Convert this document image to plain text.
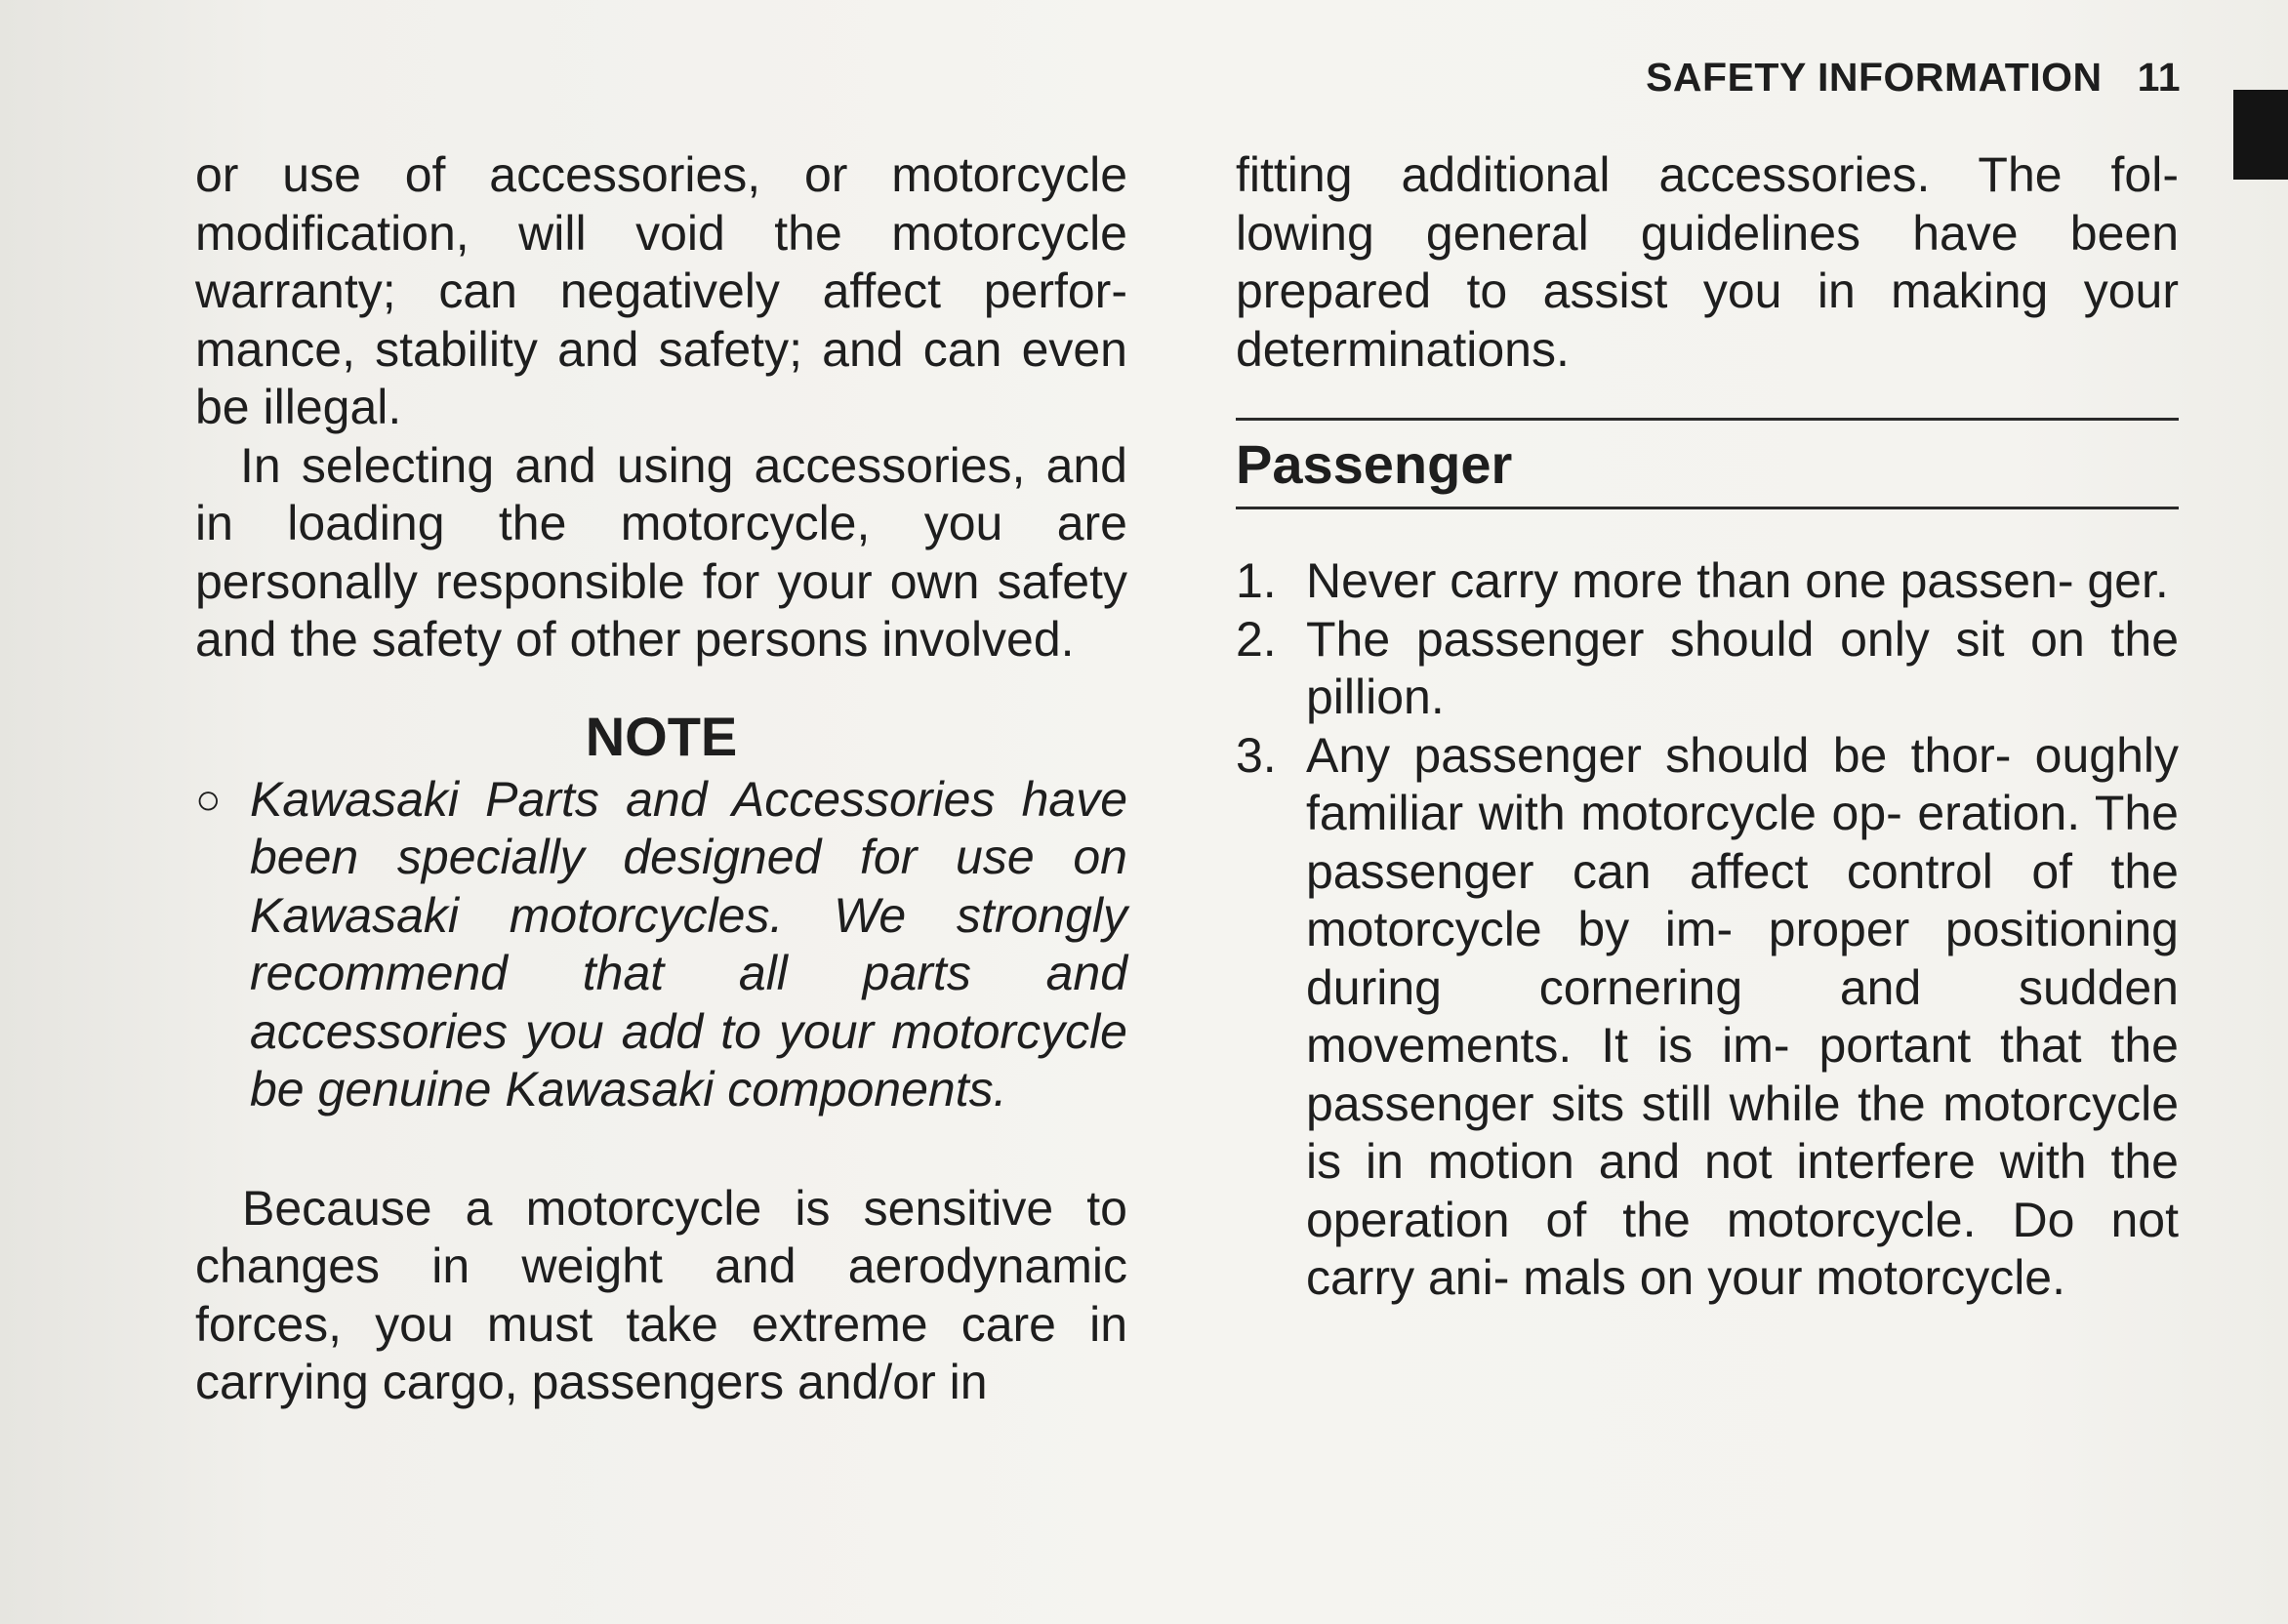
SAFETY INFORMATION 11

or use of accessories, or motorcycle modification, will void the motorcycle warranty; can negatively affect perfor- mance, stability and safety; and can even be illegal.

In selecting and using accessories, and in loading the motorcycle, you are personally responsible for your own safety and the safety of other persons involved.

NOTE
○ Kawasaki Parts and Accessories have been specially designed for use on Kawasaki motorcycles. We strongly recommend that all parts and accessories you add to your motorcycle be genuine Kawasaki components.

Because a motorcycle is sensitive to changes in weight and aerodynamic forces, you must take extreme care in carrying cargo, passengers and/or in

fitting additional accessories. The fol- lowing general guidelines have been prepared to assist you in making your determinations.

Passenger
1. Never carry more than one passen- ger.

2. The passenger should only sit on the pillion.

3. Any passenger should be thor- oughly familiar with motorcycle op- eration. The passenger can affect control of the motorcycle by im- proper positioning during cornering and sudden movements. It is im- portant that the passenger sits still while the motorcycle is in motion and not interfere with the operation of the motorcycle. Do not carry ani- mals on your motorcycle.
